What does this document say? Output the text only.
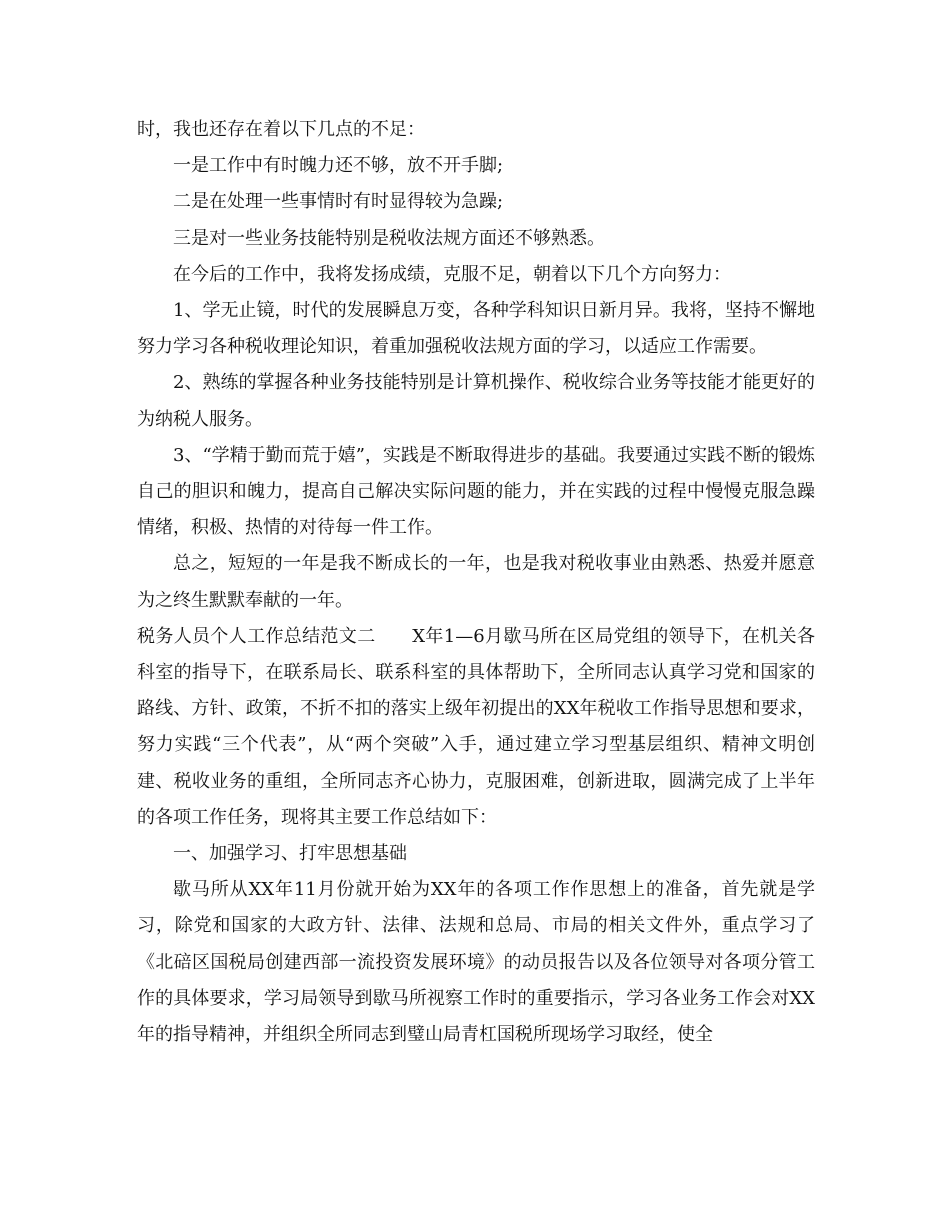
时，我也还存在着以下几点的不足：

一是工作中有时魄力还不够，放不开手脚;

二是在处理一些事情时有时显得较为急躁;

三是对一些业务技能特别是税收法规方面还不够熟悉。

在今后的工作中，我将发扬成绩，克服不足，朝着以下几个方向努力：

1、学无止镜，时代的发展瞬息万变，各种学科知识日新月异。我将，坚持不懈地努力学习各种税收理论知识，着重加强税收法规方面的学习，以适应工作需要。

2、熟练的掌握各种业务技能特别是计算机操作、税收综合业务等技能才能更好的为纳税人服务。

3、“学精于勤而荒于嬉”，实践是不断取得进步的基础。我要通过实践不断的锻炼自己的胆识和魄力，提高自己解决实际问题的能力，并在实践的过程中慢慢克服急躁情绪，积极、热情的对待每一件工作。

总之，短短的一年是我不断成长的一年，也是我对税收事业由熟悉、热爱并愿意为之终生默默奉献的一年。

税务人员个人工作总结范文二　　X年1—6月歇马所在区局党组的领导下，在机关各科室的指导下，在联系局长、联系科室的具体帮助下，全所同志认真学习党和国家的路线、方针、政策，不折不扣的落实上级年初提出的XX年税收工作指导思想和要求，努力实践“三个代表”，从“两个突破”入手，通过建立学习型基层组织、精神文明创建、税收业务的重组，全所同志齐心协力，克服困难，创新进取，圆满完成了上半年的各项工作任务，现将其主要工作总结如下：

一、加强学习、打牢思想基础

歇马所从XX年11月份就开始为XX年的各项工作作思想上的准备，首先就是学习，除党和国家的大政方针、法律、法规和总局、市局的相关文件外，重点学习了《北碚区国税局创建西部一流投资发展环境》的动员报告以及各位领导对各项分管工作的具体要求，学习局领导到歇马所视察工作时的重要指示，学习各业务工作会对XX年的指导精神，并组织全所同志到璧山局青杠国税所现场学习取经，使全
